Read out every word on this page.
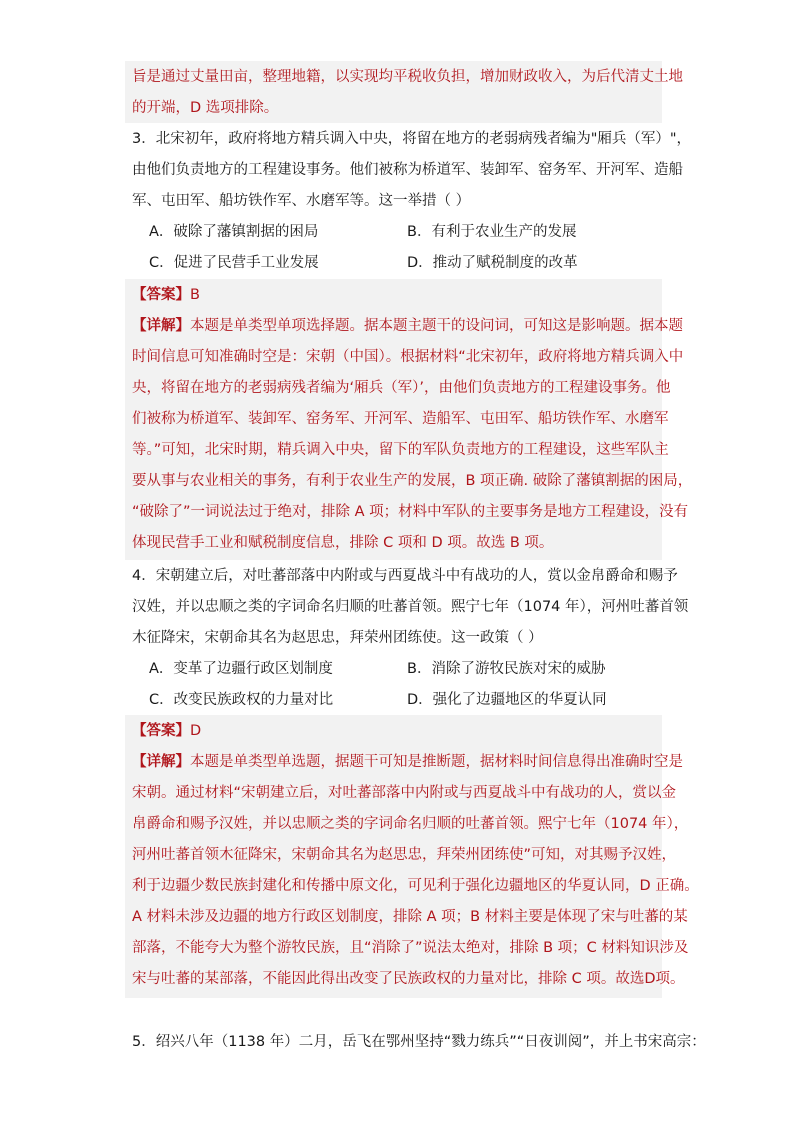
旨是通过丈量田亩，整理地籍，以实现均平税收负担，增加财政收入，为后代清丈土地
的开端，D 选项排除。
3．北宋初年，政府将地方精兵调入中央，将留在地方的老弱病残者编为"厢兵（军）"，
由他们负责地方的工程建设事务。他们被称为桥道军、装卸军、窑务军、开河军、造船
军、屯田军、船坊铁作军、水磨军等。这一举措（ ）
A．破除了藩镇割据的困局	B．有利于农业生产的发展
C．促进了民营手工业发展	D．推动了赋税制度的改革
【答案】B
【详解】本题是单类型单项选择题。据本题主题干的设问词，可知这是影响题。据本题
时间信息可知准确时空是：宋朝（中国）。根据材料“北宋初年，政府将地方精兵调入中
央，将留在地方的老弱病残者编为‘厢兵（军）’，由他们负责地方的工程建设事务。他
们被称为桥道军、装卸军、窑务军、开河军、造船军、屯田军、船坊铁作军、水磨军
等。”可知，北宋时期，精兵调入中央，留下的军队负责地方的工程建设，这些军队主
要从事与农业相关的事务，有利于农业生产的发展，B 项正确. 破除了藩镇割据的困局，
“破除了”一词说法过于绝对，排除 A 项；材料中军队的主要事务是地方工程建设，没有
体现民营手工业和赋税制度信息，排除 C 项和 D 项。故选 B 项。
4．宋朝建立后，对吐蕃部落中内附或与西夏战斗中有战功的人，赏以金帛爵命和赐予
汉姓，并以忠顺之类的字词命名归顺的吐蕃首领。熙宁七年（1074 年），河州吐蕃首领
木征降宋，宋朝命其名为赵思忠，拜荣州团练使。这一政策（ ）
A．变革了边疆行政区划制度	B．消除了游牧民族对宋的威胁
C．改变民族政权的力量对比	D．强化了边疆地区的华夏认同
【答案】D
【详解】本题是单类型单选题，据题干可知是推断题，据材料时间信息得出准确时空是
宋朝。通过材料“宋朝建立后，对吐蕃部落中内附或与西夏战斗中有战功的人，赏以金
帛爵命和赐予汉姓，并以忠顺之类的字词命名归顺的吐蕃首领。熙宁七年（1074 年），
河州吐蕃首领木征降宋，宋朝命其名为赵思忠，拜荣州团练使”可知，对其赐予汉姓，
利于边疆少数民族封建化和传播中原文化，可见利于强化边疆地区的华夏认同，D 正确。
A 材料未涉及边疆的地方行政区划制度，排除 A 项；B 材料主要是体现了宋与吐蕃的某
部落，不能夸大为整个游牧民族，且“消除了”说法太绝对，排除 B 项；C 材料知识涉及
宋与吐蕃的某部落，不能因此得出改变了民族政权的力量对比，排除 C 项。故选D项。
5．绍兴八年（1138 年）二月，岳飞在鄂州坚持“戮力练兵”“日夜训阅”，并上书宋高宗：
